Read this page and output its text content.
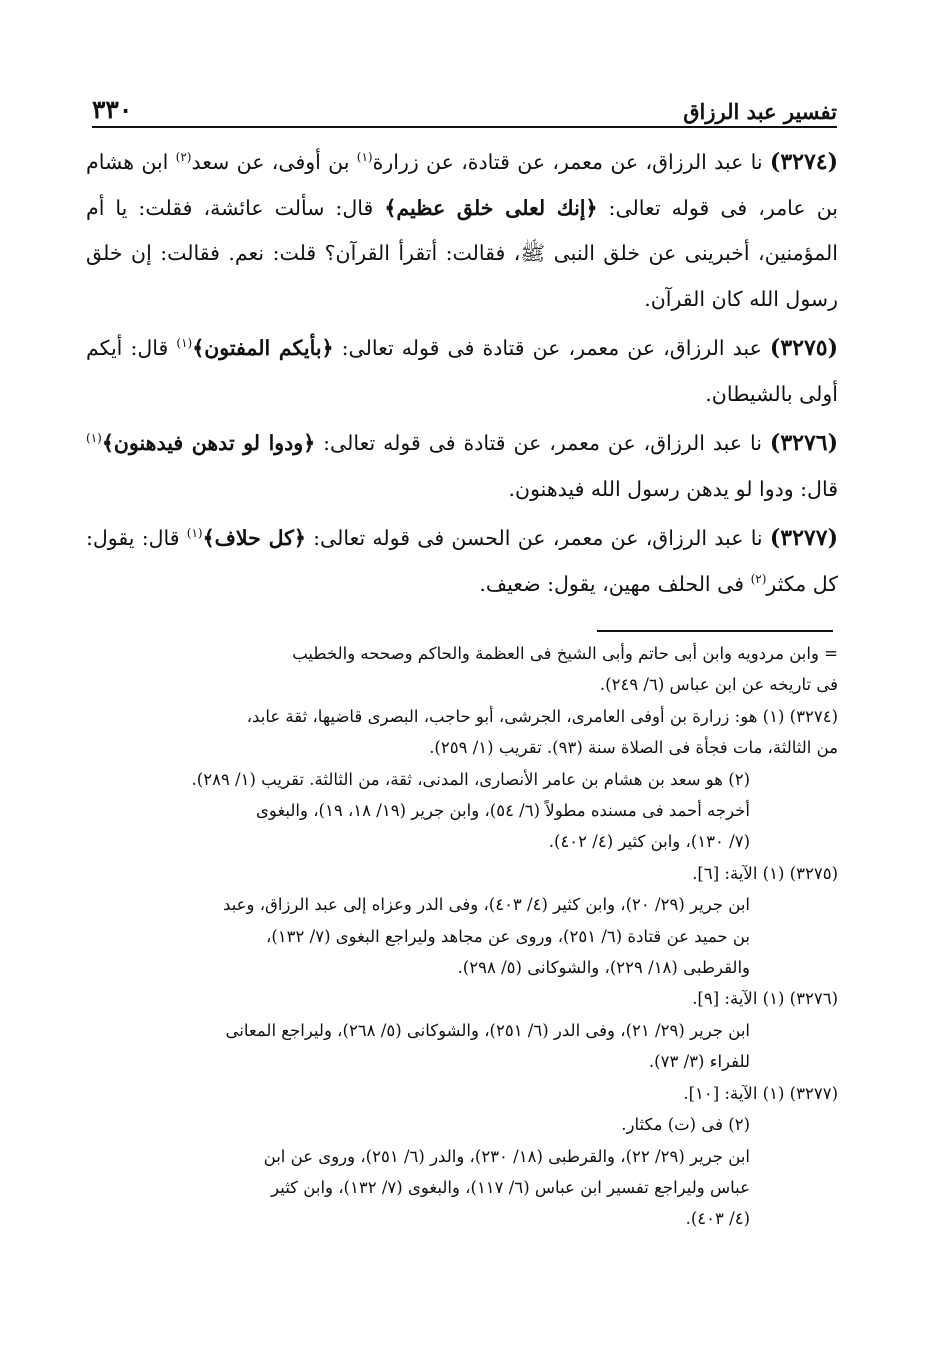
تفسير عبد الرزاق
٣٣٠

(٣٢٧٤) نا عبد الرزاق، عن معمر، عن قتادة، عن زرارة$^{(١)}$ بن أوفى، عن سعد$^{(٢)}$ ابن هشام بن عامر، فى قوله تعالى: ﴿إنك لعلى خلق عظيم﴾ قال: سألت عائشة، فقلت: يا أم المؤمنين، أخبرينى عن خلق النبى ﷺ، فقالت: أتقرأ القرآن؟ قلت: نعم. فقالت: إن خلق رسول الله كان القرآن.

(٣٢٧٥) عبد الرزاق، عن معمر، عن قتادة فى قوله تعالى: ﴿بأيكم المفتون﴾$^{(١)}$ قال: أيكم أولى بالشيطان.

(٣٢٧٦) نا عبد الرزاق، عن معمر، عن قتادة فى قوله تعالى: ﴿ودوا لو تدهن فيدهنون﴾$^{(١)}$ قال: ودوا لو يدهن رسول الله فيدهنون.

(٣٢٧٧) نا عبد الرزاق، عن معمر، عن الحسن فى قوله تعالى: ﴿كل حلاف﴾$^{(١)}$ قال: يقول: كل مكثر$^{(٢)}$ فى الحلف مهين، يقول: ضعيف.

= وابن مردويه وابن أبى حاتم وأبى الشيخ فى العظمة والحاكم وصححه والخطيب

فى تاريخه عن ابن عباس (٦/ ٢٤٩).

(٣٢٧٤) (١) هو: زرارة بن أوفى العامرى، الجرشى، أبو حاجب، البصرى قاضيها، ثقة عابد،

من الثالثة، مات فجأة فى الصلاة سنة (٩٣). تقريب (١/ ٢٥٩).

(٢) هو سعد بن هشام بن عامر الأنصارى، المدنى، ثقة، من الثالثة. تقريب (١/ ٢٨٩).

أخرجه أحمد فى مسنده مطولاً (٦/ ٥٤)، وابن جرير (١٩/ ١٨، ١٩)، والبغوى

(٧/ ١٣٠)، وابن كثير (٤/ ٤٠٢).

(٣٢٧٥) (١) الآية: [٦].

ابن جرير (٢٩/ ٢٠)، وابن كثير (٤/ ٤٠٣)، وفى الدر وعزاه إلى عبد الرزاق، وعبد

بن حميد عن قتادة (٦/ ٢٥١)، وروى عن مجاهد وليراجع البغوى (٧/ ١٣٢)،

والقرطبى (١٨/ ٢٢٩)، والشوكانى (٥/ ٢٩٨).

(٣٢٧٦) (١) الآية: [٩].

ابن جرير (٢٩/ ٢١)، وفى الدر (٦/ ٢٥١)، والشوكانى (٥/ ٢٦٨)، وليراجع المعانى

للفراء (٣/ ٧٣).

(٣٢٧٧) (١) الآية: [١٠].

(٢) فى (ت) مكثار.

ابن جرير (٢٩/ ٢٢)، والقرطبى (١٨/ ٢٣٠)، والدر (٦/ ٢٥١)، وروى عن ابن

عباس وليراجع تفسير ابن عباس (٦/ ١١٧)، والبغوى (٧/ ١٣٢)، وابن كثير

(٤/ ٤٠٣).
